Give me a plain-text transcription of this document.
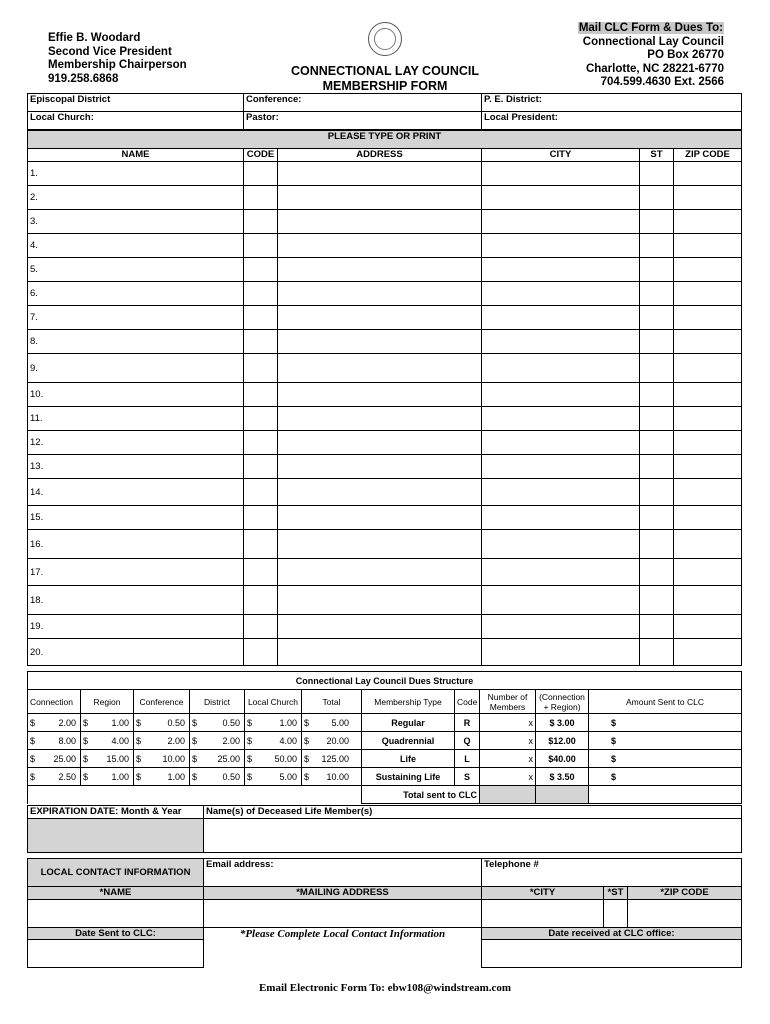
Effie B. Woodard
Second Vice President
Membership Chairperson
919.258.6868
CONNECTIONAL LAY COUNCIL
MEMBERSHIP FORM
Mail CLC Form & Dues To:
Connectional Lay Council
PO Box 26770
Charlotte, NC 28221-6770
704.599.4630 Ext. 2566
Episcopal District	Conference:	P. E. District:
Local Church:	Pastor:	Local President:
PLEASE TYPE OR PRINT					
NAME	CODE	ADDRESS	CITY	ST	ZIP CODE
1.					
2.					
3.					
4.					
5.					
6.					
7.					
8.					
9.					
10.					
11.					
12.					
13.					
14.					
15.					
16.					
17.					
18.					
19.					
20.					
Connectional Lay Council Dues Structure										
Connection	Region	Conference	District	Local Church	Total	Membership Type	Code	Number of Members	(Connection + Region)	Amount Sent to CLC

$ 2.00	$ 1.00	$ 0.50	$ 0.50	$ 1.00	$ 5.00	Regular	R	x	$ 3.00	$

$ 8.00	$ 4.00	$ 2.00	$ 2.00	$ 4.00	$ 20.00	Quadrennial	Q	x	$12.00	$

$ 25.00	$ 15.00	$ 10.00	$ 25.00	$ 50.00	$ 125.00	Life	L	x	$40.00	$

$ 2.50	$ 1.00	$ 1.00	$ 0.50	$ 5.00	$ 10.00	Sustaining Life	S	x	$ 3.50	$
						Total sent to CLC				
EXPIRATION DATE: Month & Year	Name(s) of Deceased Life Member(s)

LOCAL CONTACT INFORMATION	Email address:	Telephone #		
*NAME	*MAILING ADDRESS	*CITY	*ST	*ZIP CODE

Date Sent to CLC:	*Please Complete Local Contact Information	Date received at CLC office:		

Email Electronic Form To: ebw108@windstream.com
